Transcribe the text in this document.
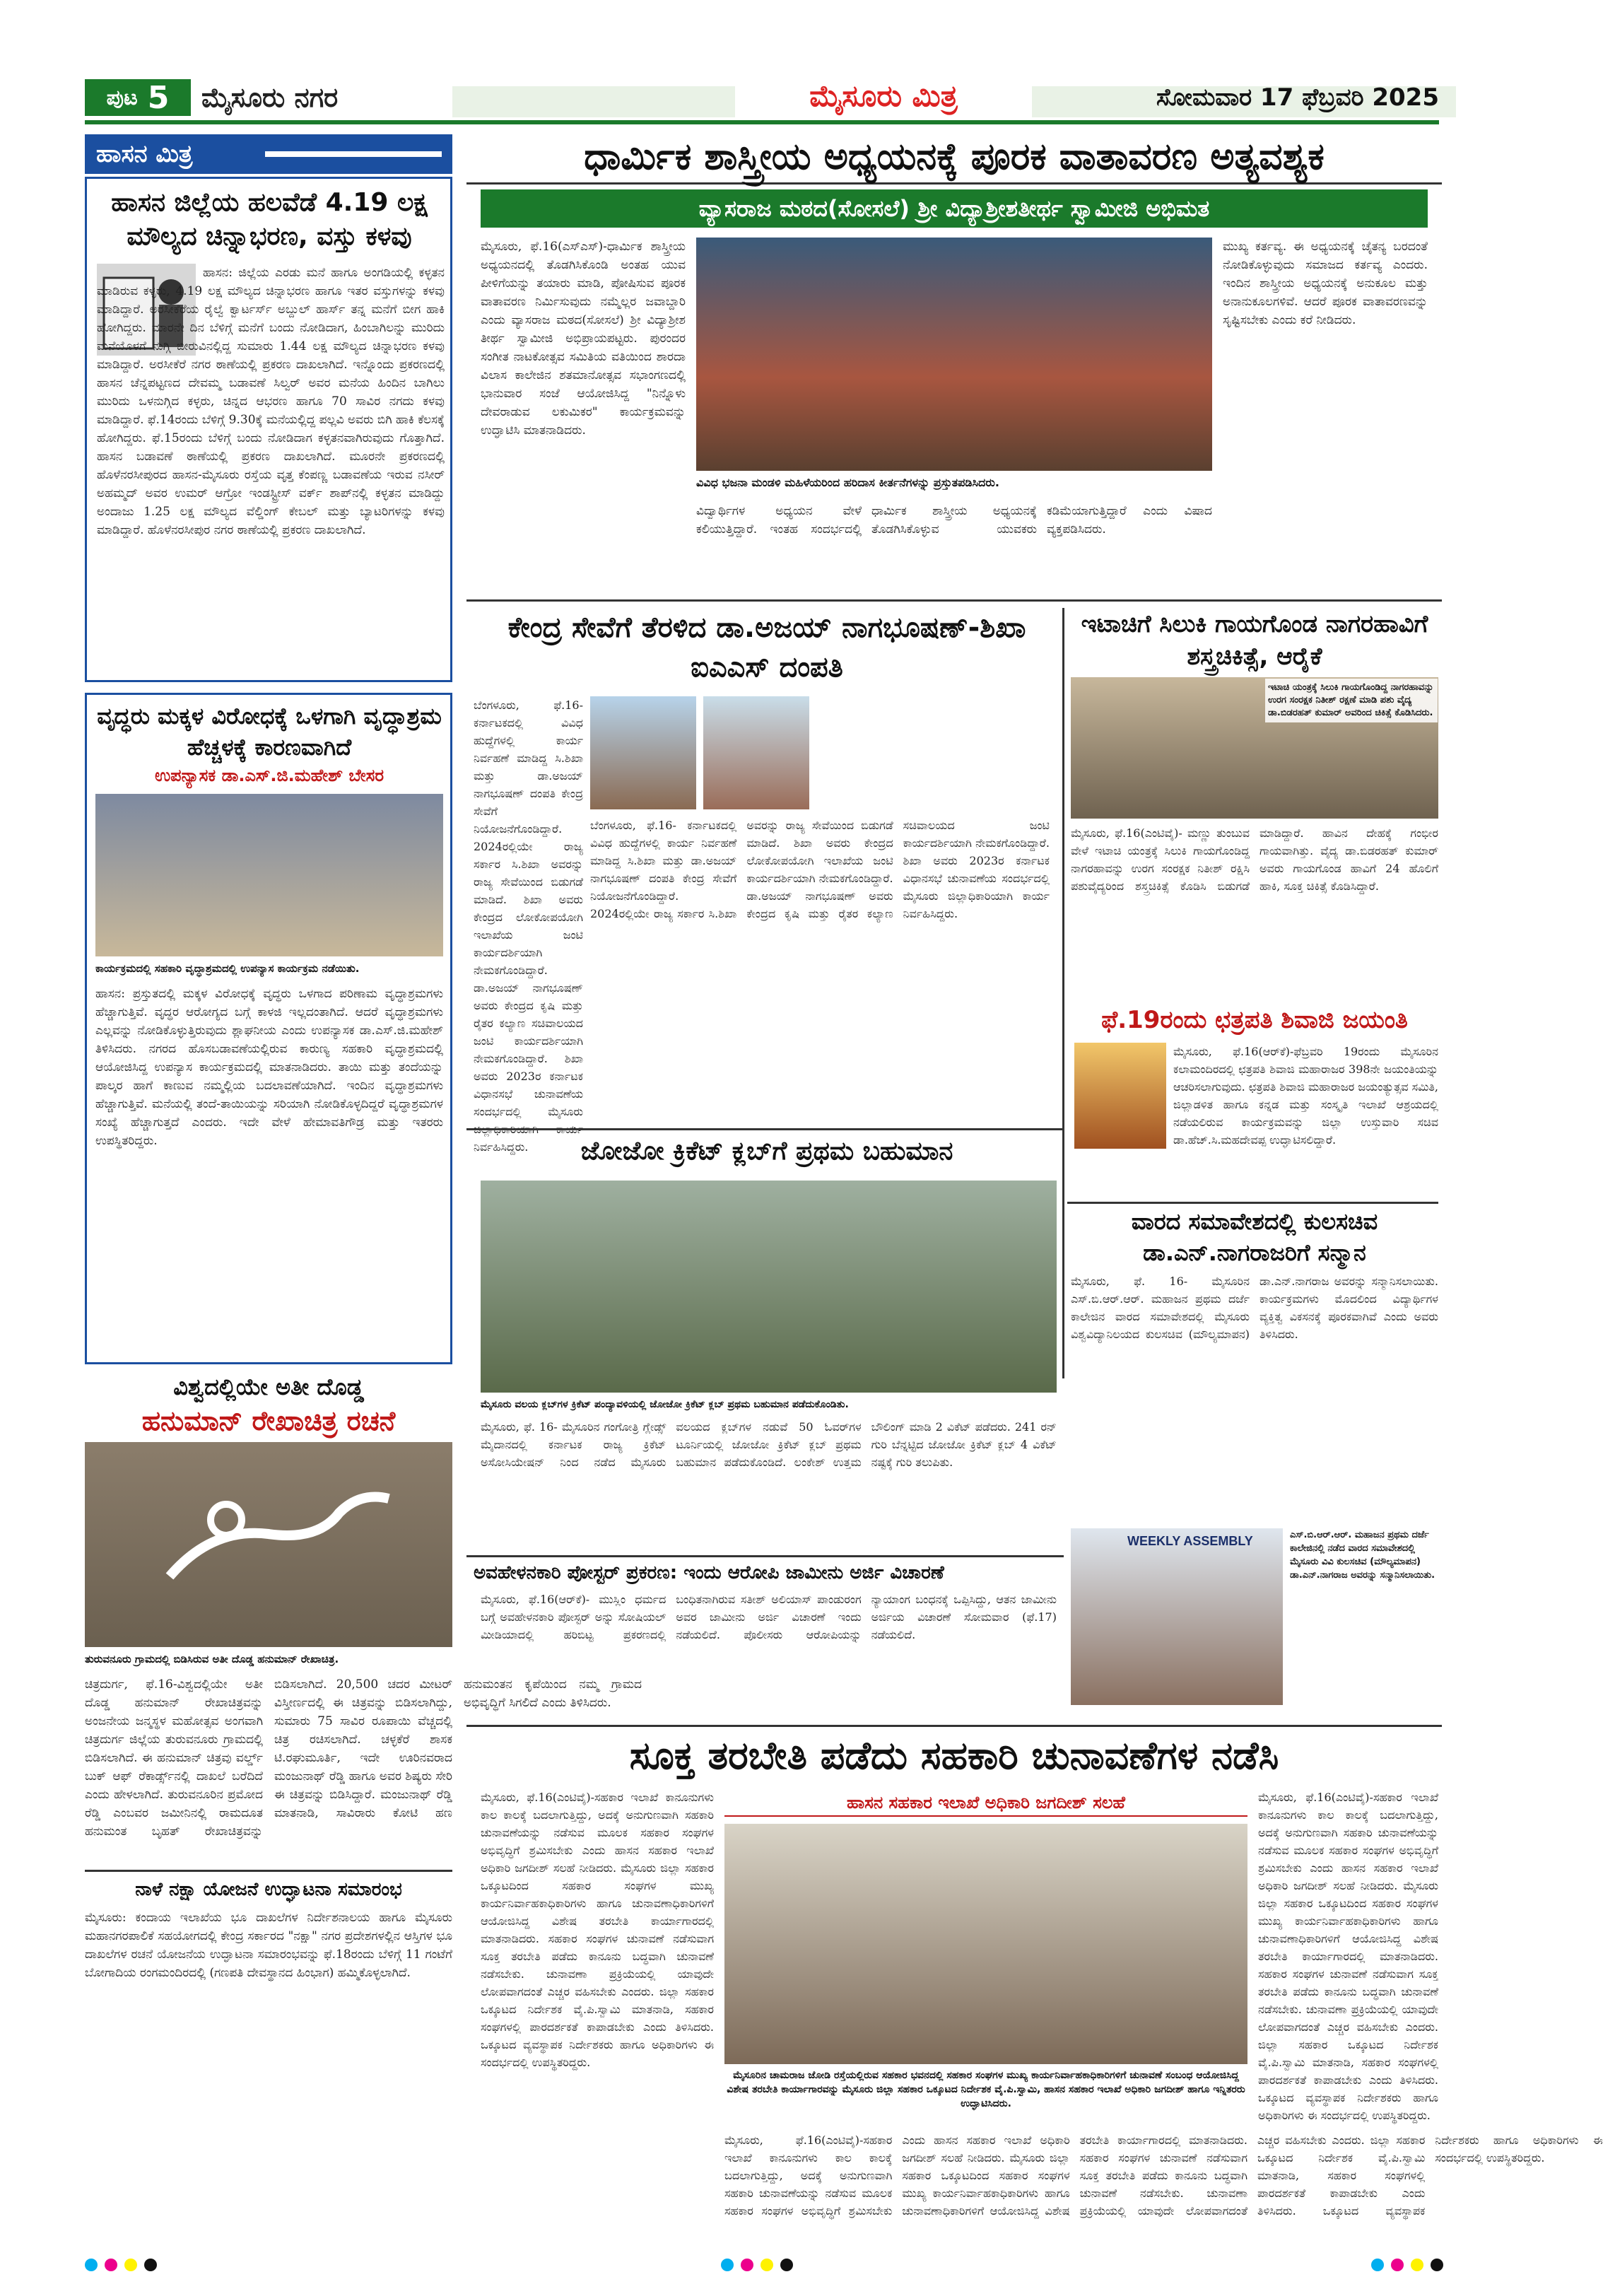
ಪುಟ 5 ಮೈಸೂರು ನಗರ	ಮೈಸೂರು ಮಿತ್ರ	ಸೋಮವಾರ 17 ಫೆಬ್ರವರಿ 2025
ಹಾಸನ ಮಿತ್ರ
ಹಾಸನ ಜಿಲ್ಲೆಯ ಹಲವೆಡೆ 4.19 ಲಕ್ಷ ಮೌಲ್ಯದ ಚಿನ್ನಾಭರಣ, ವಸ್ತು ಕಳವು
ಹಾಸನ: ಜಿಲ್ಲೆಯ ಎರಡು ಮನೆ ಹಾಗೂ ಅಂಗಡಿಯಲ್ಲಿ ಕಳ್ಳತನ ಮಾಡಿರುವ ಕಳ್ಳರು, 4.19 ಲಕ್ಷ ಮೌಲ್ಯದ ಚಿನ್ನಾಭರಣ ಹಾಗೂ ಇತರ ವಸ್ತುಗಳನ್ನು ಕಳವು ಮಾಡಿದ್ದಾರೆ. ಅರಸೀಕೆರೆಯ ರೈಲ್ವೆ ಕ್ವಾರ್ಟರ್ಸ್ ಅಬ್ದುಲ್ ಹಾರ್ಸ್ ತನ್ನ ಮನೆಗೆ ಬೀಗ ಹಾಕಿ ಹೋಗಿದ್ದರು. ಮಾರನೇ ದಿನ ಬೆಳಿಗ್ಗೆ ಮನೆಗೆ ಬಂದು ನೋಡಿದಾಗ, ಹಿಂಬಾಗಿಲನ್ನು ಮುರಿದು ಮನೆಯೊಳಗೆ ನುಗ್ಗಿ ಬೀರುವಿನಲ್ಲಿದ್ದ ಸುಮಾರು 1.44 ಲಕ್ಷ ಮೌಲ್ಯದ ಚಿನ್ನಾಭರಣ ಕಳವು ಮಾಡಿದ್ದಾರೆ. ಅರಸೀಕೆರೆ ನಗರ ಠಾಣೆಯಲ್ಲಿ ಪ್ರಕರಣ ದಾಖಲಾಗಿದೆ. ಇನ್ನೊಂದು ಪ್ರಕರಣದಲ್ಲಿ ಹಾಸನ ಚೆನ್ನಪಟ್ಟಣದ ದೇವಮ್ಮ ಬಡಾವಣೆ ಸಿಲ್ವರ್ ಅವರ ಮನೆಯ ಹಿಂದಿನ ಬಾಗಿಲು ಮುರಿದು ಒಳನುಗ್ಗಿದ ಕಳ್ಳರು, ಚಿನ್ನದ ಆಭರಣ ಹಾಗೂ 70 ಸಾವಿರ ನಗದು ಕಳವು ಮಾಡಿದ್ದಾರೆ. ಫೆ.14ರಂದು ಬೆಳಿಗ್ಗೆ 9.30ಕ್ಕೆ ಮನೆಯಲ್ಲಿದ್ದ ಪಲ್ಲವಿ ಅವರು ಬಿಗಿ ಹಾಕಿ ಕೆಲಸಕ್ಕೆ ಹೋಗಿದ್ದರು. ಫೆ.15ರಂದು ಬೆಳಿಗ್ಗೆ ಬಂದು ನೋಡಿದಾಗ ಕಳ್ಳತನವಾಗಿರುವುದು ಗೊತ್ತಾಗಿದೆ. ಹಾಸನ ಬಡಾವಣೆ ಠಾಣೆಯಲ್ಲಿ ಪ್ರಕರಣ ದಾಖಲಾಗಿದೆ. ಮೂರನೇ ಪ್ರಕರಣದಲ್ಲಿ ಹೊಳೆನರಸೀಪುರದ ಹಾಸನ-ಮೈಸೂರು ರಸ್ತೆಯ ವೃತ್ತ ಕೆಂಪಣ್ಣ ಬಡಾವಣೆಯ ಇರುವ ನಸೀರ್ ಅಹಮ್ಮದ್ ಅವರ ಉಮರ್ ಆಗ್ರೋ ಇಂಡಸ್ಟ್ರೀಸ್ ವರ್ಕ್ ಶಾಪ್‌ನಲ್ಲಿ ಕಳ್ಳತನ ಮಾಡಿದ್ದು ಅಂದಾಜು 1.25 ಲಕ್ಷ ಮೌಲ್ಯದ ವೆಲ್ಡಿಂಗ್ ಕೇಬಲ್ ಮತ್ತು ಬ್ಯಾಟರಿಗಳನ್ನು ಕಳವು ಮಾಡಿದ್ದಾರೆ. ಹೊಳೆನರಸೀಪುರ ನಗರ ಠಾಣೆಯಲ್ಲಿ ಪ್ರಕರಣ ದಾಖಲಾಗಿದೆ.
ವೃದ್ಧರು ಮಕ್ಕಳ ವಿರೋಧಕ್ಕೆ ಒಳಗಾಗಿ ವೃದ್ಧಾಶ್ರಮ ಹೆಚ್ಚಳಕ್ಕೆ ಕಾರಣವಾಗಿದೆ
ಉಪನ್ಯಾಸಕ ಡಾ.ಎಸ್.ಜಿ.ಮಹೇಶ್ ಬೇಸರ
ಕಾರ್ಯಕ್ರಮದಲ್ಲಿ ಸಹಕಾರಿ ವೃದ್ಧಾಶ್ರಮದಲ್ಲಿ ಉಪನ್ಯಾಸ ಕಾರ್ಯಕ್ರಮ ನಡೆಯಿತು.
ಹಾಸನ: ಪ್ರಸ್ತುತದಲ್ಲಿ ಮಕ್ಕಳ ವಿರೋಧಕ್ಕೆ ವೃದ್ಧರು ಒಳಗಾದ ಪರಿಣಾಮ ವೃದ್ಧಾಶ್ರಮಗಳು ಹೆಚ್ಚಾಗುತ್ತಿವೆ. ವೃದ್ಧರ ಆರೋಗ್ಯದ ಬಗ್ಗೆ ಕಾಳಜಿ ಇಲ್ಲದಂತಾಗಿದೆ. ಆದರೆ ವೃದ್ಧಾಶ್ರಮಗಳು ಎಲ್ಲವನ್ನು ನೋಡಿಕೊಳ್ಳುತ್ತಿರುವುದು ಶ್ಲಾಘನೀಯ ಎಂದು ಉಪನ್ಯಾಸಕ ಡಾ.ಎಸ್.ಜಿ.ಮಹೇಶ್ ತಿಳಿಸಿದರು. ನಗರದ ಹೊಸಬಡಾವಣೆಯಲ್ಲಿರುವ ಕಾರುಣ್ಯ ಸಹಕಾರಿ ವೃದ್ಧಾಶ್ರಮದಲ್ಲಿ ಆಯೋಜಿಸಿದ್ದ ಉಪನ್ಯಾಸ ಕಾರ್ಯಕ್ರಮದಲ್ಲಿ ಮಾತನಾಡಿದರು. ತಾಯಿ ಮತ್ತು ತಂದೆಯನ್ನು ಪಾಲ್ಕರ ಹಾಗೆ ಕಾಣುವ ನಮ್ಮಲ್ಲಿಯ ಬದಲಾವಣೆಯಾಗಿದೆ. ಇಂದಿನ ವೃದ್ಧಾಶ್ರಮಗಳು ಹೆಚ್ಚಾಗುತ್ತಿವೆ. ಮನೆಯಲ್ಲಿ ತಂದೆ-ತಾಯಿಯನ್ನು ಸರಿಯಾಗಿ ನೋಡಿಕೊಳ್ಳದಿದ್ದರೆ ವೃದ್ಧಾಶ್ರಮಗಳ ಸಂಖ್ಯೆ ಹೆಚ್ಚಾಗುತ್ತದೆ ಎಂದರು. ಇದೇ ವೇಳೆ ಹೇಮಾವತಿಗೌಡ್ರ ಮತ್ತು ಇತರರು ಉಪಸ್ಥಿತರಿದ್ದರು.
ವಿಶ್ವದಲ್ಲಿಯೇ ಅತೀ ದೊಡ್ಡ
ಹನುಮಾನ್ ರೇಖಾಚಿತ್ರ ರಚನೆ
ತುರುವನೂರು ಗ್ರಾಮದಲ್ಲಿ ಬಿಡಿಸಿರುವ ಅತೀ ದೊಡ್ಡ ಹನುಮಾನ್ ರೇಖಾಚಿತ್ರ.
ಚಿತ್ರದುರ್ಗ, ಫೆ.16-ವಿಶ್ವದಲ್ಲಿಯೇ ಅತೀ ದೊಡ್ಡ ಹನುಮಾನ್ ರೇಖಾಚಿತ್ರವನ್ನು ಅಂಜನೇಯ ಜನ್ಮಸ್ಥಳ ಮಹೋತ್ಸವ ಅಂಗವಾಗಿ ಚಿತ್ರದುರ್ಗ ಜಿಲ್ಲೆಯ ತುರುವನೂರು ಗ್ರಾಮದಲ್ಲಿ ಬಿಡಿಸಲಾಗಿದೆ. ಈ ಹನುಮಾನ್ ಚಿತ್ರವು ವರ್ಲ್ಡ್ ಬುಕ್ ಆಫ್ ರೆಕಾರ್ಡ್ಸ್‌ನಲ್ಲಿ ದಾಖಲೆ ಬರೆದಿದೆ ಎಂದು ಹೇಳಲಾಗಿದೆ. ತುರುವನೂರಿನ ಪ್ರಮೋದ ರೆಡ್ಡಿ ಎಂಬವರ ಜಮೀನಿನಲ್ಲಿ ರಾಮದೂತ ಹನುಮಂತ ಬೃಹತ್ ರೇಖಾಚಿತ್ರವನ್ನು ಬಿಡಿಸಲಾಗಿದೆ. 20,500 ಚದರ ಮೀಟರ್ ವಿಸ್ತೀರ್ಣದಲ್ಲಿ ಈ ಚಿತ್ರವನ್ನು ಬಿಡಿಸಲಾಗಿದ್ದು, ಸುಮಾರು 75 ಸಾವಿರ ರೂಪಾಯಿ ವೆಚ್ಚದಲ್ಲಿ ಚಿತ್ರ ರಚಿಸಲಾಗಿದೆ. ಚಳ್ಳಕೆರೆ ಶಾಸಕ ಟಿ.ರಘುಮೂರ್ತಿ, ಇದೇ ಊರಿನವರಾದ ಮಂಜುನಾಥ್ ರೆಡ್ಡಿ ಹಾಗೂ ಅವರ ಶಿಷ್ಯರು ಸೇರಿ ಈ ಚಿತ್ರವನ್ನು ಬಿಡಿಸಿದ್ದಾರೆ. ಮಂಜುನಾಥ್ ರೆಡ್ಡಿ ಮಾತನಾಡಿ, ಸಾವಿರಾರು ಕೋಟಿ ಹಣ ಹನುಮಂತನ ಕೃಪೆಯಿಂದ ನಮ್ಮ ಗ್ರಾಮದ ಅಭಿವೃದ್ಧಿಗೆ ಸಿಗಲಿದೆ ಎಂದು ತಿಳಿಸಿದರು.
ನಾಳೆ ನಕ್ಷಾ ಯೋಜನೆ ಉದ್ಘಾಟನಾ ಸಮಾರಂಭ
ಮೈಸೂರು: ಕಂದಾಯ ಇಲಾಖೆಯ ಭೂ ದಾಖಲೆಗಳ ನಿರ್ದೇಶನಾಲಯ ಹಾಗೂ ಮೈಸೂರು ಮಹಾನಗರಪಾಲಿಕೆ ಸಹಯೋಗದಲ್ಲಿ ಕೇಂದ್ರ ಸರ್ಕಾರದ "ನಕ್ಷಾ" ನಗರ ಪ್ರದೇಶಗಳಲ್ಲಿನ ಆಸ್ತಿಗಳ ಭೂ ದಾಖಲೆಗಳ ರಚನೆ ಯೋಜನೆಯ ಉದ್ಘಾಟನಾ ಸಮಾರಂಭವನ್ನು ಫೆ.18ರಂದು ಬೆಳಿಗ್ಗೆ 11 ಗಂಟೆಗೆ ಬೋಗಾದಿಯ ರಂಗಮಂದಿರದಲ್ಲಿ (ಗಣಪತಿ ದೇವಸ್ಥಾನದ ಹಿಂಭಾಗ) ಹಮ್ಮಿಕೊಳ್ಳಲಾಗಿದೆ.
ಧಾರ್ಮಿಕ ಶಾಸ್ತ್ರೀಯ ಅಧ್ಯಯನಕ್ಕೆ ಪೂರಕ ವಾತಾವರಣ ಅತ್ಯವಶ್ಯಕ
ವ್ಯಾಸರಾಜ ಮಠದ(ಸೋಸಲೆ) ಶ್ರೀ ವಿದ್ಯಾಶ್ರೀಶತೀರ್ಥ ಸ್ವಾಮೀಜಿ ಅಭಿಮತ
ಮೈಸೂರು, ಫೆ.16(ಎಸ್‌ಎಸ್)-ಧಾರ್ಮಿಕ ಶಾಸ್ತ್ರೀಯ ಅಧ್ಯಯನದಲ್ಲಿ ತೊಡಗಿಸಿಕೊಂಡಿ ಅಂತಹ ಯುವ ಪೀಳಿಗೆಯನ್ನು ತಯಾರು ಮಾಡಿ, ಪೋಷಿಸುವ ಪೂರಕ ವಾತಾವರಣ ನಿರ್ಮಿಸುವುದು ನಮ್ಮೆಲ್ಲರ ಜವಾಬ್ದಾರಿ ಎಂದು ವ್ಯಾಸರಾಜ ಮಠದ(ಸೋಸಲೆ) ಶ್ರೀ ವಿದ್ಯಾಶ್ರೀಶ ತೀರ್ಥ ಸ್ವಾಮೀಜಿ ಅಭಿಪ್ರಾಯಪಟ್ಟರು. ಪುರಂದರ ಸಂಗೀತ ನಾಟಕೋತ್ಸವ ಸಮಿತಿಯ ವತಿಯಿಂದ ಶಾರದಾ ವಿಲಾಸ ಕಾಲೇಜಿನ ಶತಮಾನೋತ್ಸವ ಸಭಾಂಗಣದಲ್ಲಿ ಭಾನುವಾರ ಸಂಜೆ ಆಯೋಜಿಸಿದ್ದ "ನಿನ್ನೊಳು ದೇವರಾಡುವ ಲಕುಮಿಕರ" ಕಾರ್ಯಕ್ರಮವನ್ನು ಉದ್ಘಾಟಿಸಿ ಮಾತನಾಡಿದರು.
ವಿವಿಧ ಭಜನಾ ಮಂಡಳಿ ಮಹಿಳೆಯರಿಂದ ಹರಿದಾಸ ಕೀರ್ತನೆಗಳನ್ನು ಪ್ರಸ್ತುತಪಡಿಸಿದರು.
ವಿದ್ವಾರ್ಥಿಗಳ ಅಧ್ಯಯನ ವೇಳೆ ಕಲಿಯುತ್ತಿದ್ದಾರೆ. ಇಂತಹ ಸಂದರ್ಭದಲ್ಲಿ ಧಾರ್ಮಿಕ ಶಾಸ್ತ್ರೀಯ ಅಧ್ಯಯನಕ್ಕೆ ತೊಡಗಿಸಿಕೊಳ್ಳುವ ಯುವಕರು ಕಡಿಮೆಯಾಗುತ್ತಿದ್ದಾರೆ ಎಂದು ವಿಷಾದ ವ್ಯಕ್ತಪಡಿಸಿದರು.
ಮುಖ್ಯ ಕರ್ತವ್ಯ. ಈ ಅಧ್ಯಯನಕ್ಕೆ ಚೈತನ್ಯ ಬರದಂತೆ ನೋಡಿಕೊಳ್ಳುವುದು ಸಮಾಜದ ಕರ್ತವ್ಯ ಎಂದರು. ಇಂದಿನ ಶಾಸ್ತ್ರೀಯ ಅಧ್ಯಯನಕ್ಕೆ ಅನುಕೂಲ ಮತ್ತು ಅನಾನುಕೂಲಗಳಿವೆ. ಆದರೆ ಪೂರಕ ವಾತಾವರಣವನ್ನು ಸೃಷ್ಟಿಸಬೇಕು ಎಂದು ಕರೆ ನೀಡಿದರು.
ಕೇಂದ್ರ ಸೇವೆಗೆ ತೆರಳಿದ ಡಾ.ಅಜಯ್ ನಾಗಭೂಷಣ್-ಶಿಖಾ ಐಎಎಸ್ ದಂಪತಿ
ಬೆಂಗಳೂರು, ಫೆ.16- ಕರ್ನಾಟಕದಲ್ಲಿ ವಿವಿಧ ಹುದ್ದೆಗಳಲ್ಲಿ ಕಾರ್ಯ ನಿರ್ವಹಣೆ ಮಾಡಿದ್ದ ಸಿ.ಶಿಖಾ ಮತ್ತು ಡಾ.ಅಜಯ್ ನಾಗಭೂಷಣ್ ದಂಪತಿ ಕೇಂದ್ರ ಸೇವೆಗೆ ನಿಯೋಜನೆಗೊಂಡಿದ್ದಾರೆ. 2024ರಲ್ಲಿಯೇ ರಾಜ್ಯ ಸರ್ಕಾರ ಸಿ.ಶಿಖಾ ಅವರನ್ನು ರಾಜ್ಯ ಸೇವೆಯಿಂದ ಬಿಡುಗಡೆ ಮಾಡಿದೆ. ಶಿಖಾ ಅವರು ಕೇಂದ್ರದ ಲೋಕೋಪಯೋಗಿ ಇಲಾಖೆಯ ಜಂಟಿ ಕಾರ್ಯದರ್ಶಿಯಾಗಿ ನೇಮಕಗೊಂಡಿದ್ದಾರೆ. ಡಾ.ಅಜಯ್ ನಾಗಭೂಷಣ್ ಅವರು ಕೇಂದ್ರದ ಕೃಷಿ ಮತ್ತು ರೈತರ ಕಲ್ಯಾಣ ಸಚಿವಾಲಯದ ಜಂಟಿ ಕಾರ್ಯದರ್ಶಿಯಾಗಿ ನೇಮಕಗೊಂಡಿದ್ದಾರೆ. ಶಿಖಾ ಅವರು 2023ರ ಕರ್ನಾಟಕ ವಿಧಾನಸಭೆ ಚುನಾವಣೆಯ ಸಂದರ್ಭದಲ್ಲಿ ಮೈಸೂರು ನಿರ್ವಹಿಸಿದ್ದರು.
ಬೆಂಗಳೂರು, ಫೆ.16- ಕರ್ನಾಟಕದಲ್ಲಿ ವಿವಿಧ ಹುದ್ದೆಗಳಲ್ಲಿ ಕಾರ್ಯ ನಿರ್ವಹಣೆ ಮಾಡಿದ್ದ ಸಿ.ಶಿಖಾ ಮತ್ತು ಡಾ.ಅಜಯ್ ನಾಗಭೂಷಣ್ ದಂಪತಿ ಕೇಂದ್ರ ಸೇವೆಗೆ ನಿಯೋಜನೆಗೊಂಡಿದ್ದಾರೆ. 2024ರಲ್ಲಿಯೇ ರಾಜ್ಯ ಸರ್ಕಾರ ಸಿ.ಶಿಖಾ ಅವರನ್ನು ರಾಜ್ಯ ಸೇವೆಯಿಂದ ಬಿಡುಗಡೆ ಮಾಡಿದೆ. ಶಿಖಾ ಅವರು ಕೇಂದ್ರದ ಲೋಕೋಪಯೋಗಿ ಇಲಾಖೆಯ ಜಂಟಿ ಕಾರ್ಯದರ್ಶಿಯಾಗಿ ನೇಮಕಗೊಂಡಿದ್ದಾರೆ. ಡಾ.ಅಜಯ್ ನಾಗಭೂಷಣ್ ಅವರು ಕೇಂದ್ರದ ಕೃಷಿ ಮತ್ತು ರೈತರ ಕಲ್ಯಾಣ ಸಚಿವಾಲಯದ ಜಂಟಿ ಕಾರ್ಯದರ್ಶಿಯಾಗಿ ನೇಮಕಗೊಂಡಿದ್ದಾರೆ. ಶಿಖಾ ಅವರು 2023ರ ಕರ್ನಾಟಕ ವಿಧಾನಸಭೆ ಚುನಾವಣೆಯ ಸಂದರ್ಭದಲ್ಲಿ ಮೈಸೂರು ಜಿಲ್ಲಾಧಿಕಾರಿಯಾಗಿ ಕಾರ್ಯ ನಿರ್ವಹಿಸಿದ್ದರು.
ಇಟಾಚಿಗೆ ಸಿಲುಕಿ ಗಾಯಗೊಂಡ ನಾಗರಹಾವಿಗೆ ಶಸ್ತ್ರಚಿಕಿತ್ಸೆ, ಆರೈಕೆ
ಇಟಾಚಿ ಯಂತ್ರಕ್ಕೆ ಸಿಲುಕಿ ಗಾಯಗೊಂಡಿದ್ದ ನಾಗರಹಾವನ್ನು ಉರಗ ಸಂರಕ್ಷಕ ನಿತೀಶ್ ರಕ್ಷಣೆ ಮಾಡಿ ಪಶು ವೈದ್ಯ ಡಾ.ಬಿಡರಹತ್ ಕುಮಾರ್ ಅವರಿಂದ ಚಿಕಿತ್ಸೆ ಕೊಡಿಸಿದರು.
ಮೈಸೂರು, ಫೆ.16(ಎಂಟಿವೈ)- ಮಣ್ಣು ತುಂಬುವ ವೇಳೆ ಇಟಾಚಿ ಯಂತ್ರಕ್ಕೆ ಸಿಲುಕಿ ಗಾಯಗೊಂಡಿದ್ದ ನಾಗರಹಾವನ್ನು ಉರಗ ಸಂರಕ್ಷಕ ನಿತೀಶ್ ರಕ್ಷಿಸಿ ಪಶುವೈದ್ಯರಿಂದ ಶಸ್ತ್ರಚಿಕಿತ್ಸೆ ಕೊಡಿಸಿ ಬಿಡುಗಡೆ ಮಾಡಿದ್ದಾರೆ. ಹಾವಿನ ದೇಹಕ್ಕೆ ಗಂಭೀರ ಗಾಯವಾಗಿತ್ತು. ವೈದ್ಯ ಡಾ.ಬಿಡರಹತ್ ಕುಮಾರ್ ಅವರು ಗಾಯಗೊಂಡ ಹಾವಿಗೆ 24 ಹೊಲಿಗೆ ಹಾಕಿ, ಸೂಕ್ತ ಚಿಕಿತ್ಸೆ ಕೊಡಿಸಿದ್ದಾರೆ.
ಫೆ.19ರಂದು ಛತ್ರಪತಿ ಶಿವಾಜಿ ಜಯಂತಿ
ಮೈಸೂರು, ಫೆ.16(ಆರ್‌ಕೆ)-ಫೆಬ್ರವರಿ 19ರಂದು ಮೈಸೂರಿನ ಕಲಾಮಂದಿರದಲ್ಲಿ ಛತ್ರಪತಿ ಶಿವಾಜಿ ಮಹಾರಾಜರ 398ನೇ ಜಯಂತಿಯನ್ನು ಆಚರಿಸಲಾಗುವುದು. ಛತ್ರಪತಿ ಶಿವಾಜಿ ಮಹಾರಾಜರ ಜಯಂತ್ಯುತ್ಸವ ಸಮಿತಿ, ಜಿಲ್ಲಾಡಳಿತ ಹಾಗೂ ಕನ್ನಡ ಮತ್ತು ಸಂಸ್ಕೃತಿ ಇಲಾಖೆ ಆಶ್ರಯದಲ್ಲಿ ನಡೆಯಲಿರುವ ಕಾರ್ಯಕ್ರಮವನ್ನು ಜಿಲ್ಲಾ ಉಸ್ತುವಾರಿ ಸಚಿವ ಡಾ.ಹೆಚ್.ಸಿ.ಮಹದೇವಪ್ಪ ಉದ್ಘಾಟಿಸಲಿದ್ದಾರೆ.
ಜೋಜೋ ಕ್ರಿಕೆಟ್ ಕ್ಲಬ್‌ಗೆ ಪ್ರಥಮ ಬಹುಮಾನ
ಮೈಸೂರು ವಲಯ ಕ್ಲಬ್‌ಗಳ ಕ್ರಿಕೆಟ್ ಪಂದ್ಯಾವಳಿಯಲ್ಲಿ ಜೋಜೋ ಕ್ರಿಕೆಟ್ ಕ್ಲಬ್ ಪ್ರಥಮ ಬಹುಮಾನ ಪಡೆದುಕೊಂಡಿತು.
ಮೈಸೂರು, ಫೆ. 16- ಮೈಸೂರಿನ ಗಂಗೋತ್ರಿ ಗ್ಲೇಡ್ಸ್ ಮೈದಾನದಲ್ಲಿ ಕರ್ನಾಟಕ ರಾಜ್ಯ ಕ್ರಿಕೆಟ್ ಅಸೋಸಿಯೇಷನ್ ನಿಂದ ನಡೆದ ಮೈಸೂರು ವಲಯದ ಕ್ಲಬ್‌ಗಳ ನಡುವೆ 50 ಓವರ್‌ಗಳ ಟೂರ್ನಿಯಲ್ಲಿ ಜೋಜೋ ಕ್ರಿಕೆಟ್ ಕ್ಲಬ್ ಪ್ರಥಮ ಬಹುಮಾನ ಪಡೆದುಕೊಂಡಿದೆ. ಲಂಕೇಶ್ ಉತ್ತಮ ಬೌಲಿಂಗ್ ಮಾಡಿ 2 ವಿಕೆಟ್ ಪಡೆದರು. 241 ರನ್ ಗುರಿ ಬೆನ್ನಟ್ಟಿದ ಜೋಜೋ ಕ್ರಿಕೆಟ್ ಕ್ಲಬ್ 4 ವಿಕೆಟ್ ನಷ್ಟಕ್ಕೆ ಗುರಿ ತಲುಪಿತು.
ವಾರದ ಸಮಾವೇಶದಲ್ಲಿ ಕುಲಸಚಿವ ಡಾ.ಎನ್.ನಾಗರಾಜರಿಗೆ ಸನ್ಮಾನ
ಮೈಸೂರು, ಫೆ. 16- ಮೈಸೂರಿನ ಎಸ್.ಬಿ.ಆರ್.ಆರ್. ಮಹಾಜನ ಪ್ರಥಮ ದರ್ಜೆ ಕಾಲೇಜಿನ ವಾರದ ಸಮಾವೇಶದಲ್ಲಿ ಮೈಸೂರು ವಿಶ್ವವಿದ್ಯಾನಿಲಯದ ಕುಲಸಚಿವ (ಮೌಲ್ಯಮಾಪನ) ಡಾ.ಎನ್.ನಾಗರಾಜ ಅವರನ್ನು ಸನ್ಮಾನಿಸಲಾಯಿತು. ಕಾರ್ಯಕ್ರಮಗಳು ಮೊದಲಿಂದ ವಿದ್ಯಾರ್ಥಿಗಳ ವ್ಯಕ್ತಿತ್ವ ವಿಕಸನಕ್ಕೆ ಪೂರಕವಾಗಿವೆ ಎಂದು ಅವರು ತಿಳಿಸಿದರು.
WEEKLY ASSEMBLY	ಎಸ್.ಬಿ.ಆರ್.ಆರ್. ಮಹಾಜನ ಪ್ರಥಮ ದರ್ಜೆ ಕಾಲೇಜಿನಲ್ಲಿ ನಡೆದ ವಾರದ ಸಮಾವೇಶದಲ್ಲಿ ಮೈಸೂರು ವಿವಿ ಕುಲಸಚಿವ (ಮೌಲ್ಯಮಾಪನ) ಡಾ.ಎನ್.ನಾಗರಾಜ ಅವರನ್ನು ಸನ್ಮಾನಿಸಲಾಯಿತು.
ಅವಹೇಳನಕಾರಿ ಪೋಸ್ಟರ್ ಪ್ರಕರಣ: ಇಂದು ಆರೋಪಿ ಜಾಮೀನು ಅರ್ಜಿ ವಿಚಾರಣೆ
ಮೈಸೂರು, ಫೆ.16(ಆರ್‌ಕೆ)- ಮುಸ್ಲಿಂ ಧರ್ಮದ ಬಗ್ಗೆ ಅವಹೇಳನಕಾರಿ ಪೋಸ್ಟರ್ ಅನ್ನು ಸೋಷಿಯಲ್ ಮೀಡಿಯಾದಲ್ಲಿ ಹರಿಬಿಟ್ಟ ಪ್ರಕರಣದಲ್ಲಿ ಬಂಧಿತನಾಗಿರುವ ಸತೀಶ್ ಅಲಿಯಾಸ್ ಪಾಂಡುರಂಗ ಅವರ ಜಾಮೀನು ಅರ್ಜಿ ವಿಚಾರಣೆ ಇಂದು ನಡೆಯಲಿದೆ. ಪೊಲೀಸರು ಆರೋಪಿಯನ್ನು ನ್ಯಾಯಾಂಗ ಬಂಧನಕ್ಕೆ ಒಪ್ಪಿಸಿದ್ದು, ಆತನ ಜಾಮೀನು ಅರ್ಜಿಯ ವಿಚಾರಣೆ ಸೋಮವಾರ (ಫೆ.17) ನಡೆಯಲಿದೆ.
ಸೂಕ್ತ ತರಬೇತಿ ಪಡೆದು ಸಹಕಾರಿ ಚುನಾವಣೆಗಳ ನಡೆಸಿ
ಮೈಸೂರು, ಫೆ.16(ಎಂಟಿವೈ)-ಸಹಕಾರ ಇಲಾಖೆ ಕಾನೂನುಗಳು ಕಾಲ ಕಾಲಕ್ಕೆ ಬದಲಾಗುತ್ತಿದ್ದು, ಅದಕ್ಕೆ ಅನುಗುಣವಾಗಿ ಸಹಕಾರಿ ಚುನಾವಣೆಯನ್ನು ನಡೆಸುವ ಮೂಲಕ ಸಹಕಾರ ಸಂಘಗಳ ಅಭಿವೃದ್ಧಿಗೆ ಶ್ರಮಿಸಬೇಕು ಎಂದು ಹಾಸನ ಸಹಕಾರ ಇಲಾಖೆ ಅಧಿಕಾರಿ ಜಗದೀಶ್ ಸಲಹೆ ನೀಡಿದರು. ಮೈಸೂರು ಜಿಲ್ಲಾ ಸಹಕಾರ ಒಕ್ಕೂಟದಿಂದ ಸಹಕಾರ ಸಂಘಗಳ ಮುಖ್ಯ ಕಾರ್ಯನಿರ್ವಾಹಕಾಧಿಕಾರಿಗಳು ಹಾಗೂ ಚುನಾವಣಾಧಿಕಾರಿಗಳಿಗೆ ಆಯೋಜಿಸಿದ್ದ ವಿಶೇಷ ತರಬೇತಿ ಕಾರ್ಯಾಗಾರದಲ್ಲಿ ಮಾತನಾಡಿದರು. ಸಹಕಾರ ಸಂಘಗಳ ಚುನಾವಣೆ ನಡೆಸುವಾಗ ಸೂಕ್ತ ತರಬೇತಿ ಪಡೆದು ಕಾನೂನು ಬದ್ಧವಾಗಿ ಚುನಾವಣೆ ನಡೆಸಬೇಕು. ಚುನಾವಣಾ ಪ್ರಕ್ರಿಯೆಯಲ್ಲಿ ಯಾವುದೇ ಲೋಪವಾಗದಂತೆ ಎಚ್ಚರ ವಹಿಸಬೇಕು ಎಂದರು. ಜಿಲ್ಲಾ ಸಹಕಾರ ಒಕ್ಕೂಟದ ನಿರ್ದೇಶಕ ವೈ.ಪಿ.ಸ್ವಾಮಿ ಮಾತನಾಡಿ, ಸಹಕಾರ ಸಂಘಗಳಲ್ಲಿ ಪಾರದರ್ಶಕತೆ ಕಾಪಾಡಬೇಕು ಎಂದು ತಿಳಿಸಿದರು. ಒಕ್ಕೂಟದ ವ್ಯವಸ್ಥಾಪಕ ನಿರ್ದೇಶಕರು ಹಾಗೂ ಅಧಿಕಾರಿಗಳು ಈ ಸಂದರ್ಭದಲ್ಲಿ ಉಪಸ್ಥಿತರಿದ್ದರು.
ಹಾಸನ ಸಹಕಾರ ಇಲಾಖೆ ಅಧಿಕಾರಿ ಜಗದೀಶ್ ಸಲಹೆ
ಮೈಸೂರಿನ ಚಾಮರಾಜ ಜೋಡಿ ರಸ್ತೆಯಲ್ಲಿರುವ ಸಹಕಾರ ಭವನದಲ್ಲಿ ಸಹಕಾರ ಸಂಘಗಳ ಮುಖ್ಯ ಕಾರ್ಯನಿರ್ವಾಹಕಾಧಿಕಾರಿಗಳಿಗೆ ಚುನಾವಣೆ ಸಂಬಂಧ ಆಯೋಜಿಸಿದ್ದ ವಿಶೇಷ ತರಬೇತಿ ಕಾರ್ಯಾಗಾರವನ್ನು ಮೈಸೂರು ಜಿಲ್ಲಾ ಸಹಕಾರ ಒಕ್ಕೂಟದ ನಿರ್ದೇಶಕ ವೈ.ಪಿ.ಸ್ವಾಮಿ, ಹಾಸನ ಸಹಕಾರ ಇಲಾಖೆ ಅಧಿಕಾರಿ ಜಗದೀಶ್ ಹಾಗೂ ಇನ್ನಿತರರು ಉದ್ಘಾಟಿಸಿದರು.
ಮೈಸೂರು, ಫೆ.16(ಎಂಟಿವೈ)-ಸಹಕಾರ ಇಲಾಖೆ ಕಾನೂನುಗಳು ಕಾಲ ಕಾಲಕ್ಕೆ ಬದಲಾಗುತ್ತಿದ್ದು, ಅದಕ್ಕೆ ಅನುಗುಣವಾಗಿ ಸಹಕಾರಿ ಚುನಾವಣೆಯನ್ನು ನಡೆಸುವ ಮೂಲಕ ಸಹಕಾರ ಸಂಘಗಳ ಅಭಿವೃದ್ಧಿಗೆ ಶ್ರಮಿಸಬೇಕು ಎಂದು ಹಾಸನ ಸಹಕಾರ ಇಲಾಖೆ ಅಧಿಕಾರಿ ಜಗದೀಶ್ ಸಲಹೆ ನೀಡಿದರು. ಮೈಸೂರು ಜಿಲ್ಲಾ ಸಹಕಾರ ಒಕ್ಕೂಟದಿಂದ ಸಹಕಾರ ಸಂಘಗಳ ಮುಖ್ಯ ಕಾರ್ಯನಿರ್ವಾಹಕಾಧಿಕಾರಿಗಳು ಹಾಗೂ ಚುನಾವಣಾಧಿಕಾರಿಗಳಿಗೆ ಆಯೋಜಿಸಿದ್ದ ವಿಶೇಷ ತರಬೇತಿ ಕಾರ್ಯಾಗಾರದಲ್ಲಿ ಮಾತನಾಡಿದರು. ಸಹಕಾರ ಸಂಘಗಳ ಚುನಾವಣೆ ನಡೆಸುವಾಗ ಸೂಕ್ತ ತರಬೇತಿ ಪಡೆದು ಕಾನೂನು ಬದ್ಧವಾಗಿ ಚುನಾವಣೆ ನಡೆಸಬೇಕು. ಚುನಾವಣಾ ಪ್ರಕ್ರಿಯೆಯಲ್ಲಿ ಯಾವುದೇ ಲೋಪವಾಗದಂತೆ ಎಚ್ಚರ ವಹಿಸಬೇಕು ಎಂದರು. ಜಿಲ್ಲಾ ಸಹಕಾರ ಒಕ್ಕೂಟದ ನಿರ್ದೇಶಕ ವೈ.ಪಿ.ಸ್ವಾಮಿ ಮಾತನಾಡಿ, ಸಹಕಾರ ಸಂಘಗಳಲ್ಲಿ ಪಾರದರ್ಶಕತೆ ಕಾಪಾಡಬೇಕು ಎಂದು ತಿಳಿಸಿದರು. ಒಕ್ಕೂಟದ ವ್ಯವಸ್ಥಾಪಕ ನಿರ್ದೇಶಕರು ಹಾಗೂ ಅಧಿಕಾರಿಗಳು ಈ ಸಂದರ್ಭದಲ್ಲಿ ಉಪಸ್ಥಿತರಿದ್ದರು.
ಮೈಸೂರು, ಫೆ.16(ಎಂಟಿವೈ)-ಸಹಕಾರ ಇಲಾಖೆ ಕಾನೂನುಗಳು ಕಾಲ ಕಾಲಕ್ಕೆ ಬದಲಾಗುತ್ತಿದ್ದು, ಅದಕ್ಕೆ ಅನುಗುಣವಾಗಿ ಸಹಕಾರಿ ಚುನಾವಣೆಯನ್ನು ನಡೆಸುವ ಮೂಲಕ ಸಹಕಾರ ಸಂಘಗಳ ಅಭಿವೃದ್ಧಿಗೆ ಶ್ರಮಿಸಬೇಕು ಎಂದು ಹಾಸನ ಸಹಕಾರ ಇಲಾಖೆ ಅಧಿಕಾರಿ ಜಗದೀಶ್ ಸಲಹೆ ನೀಡಿದರು. ಮೈಸೂರು ಜಿಲ್ಲಾ ಸಹಕಾರ ಒಕ್ಕೂಟದಿಂದ ಸಹಕಾರ ಸಂಘಗಳ ಮುಖ್ಯ ಕಾರ್ಯನಿರ್ವಾಹಕಾಧಿಕಾರಿಗಳು ಹಾಗೂ ಚುನಾವಣಾಧಿಕಾರಿಗಳಿಗೆ ಆಯೋಜಿಸಿದ್ದ ವಿಶೇಷ ತರಬೇತಿ ಕಾರ್ಯಾಗಾರದಲ್ಲಿ ಮಾತನಾಡಿದರು. ಸಹಕಾರ ಸಂಘಗಳ ಚುನಾವಣೆ ನಡೆಸುವಾಗ ಸೂಕ್ತ ತರಬೇತಿ ಪಡೆದು ಕಾನೂನು ಬದ್ಧವಾಗಿ ಚುನಾವಣೆ ನಡೆಸಬೇಕು. ಚುನಾವಣಾ ಪ್ರಕ್ರಿಯೆಯಲ್ಲಿ ಯಾವುದೇ ಲೋಪವಾಗದಂತೆ ಎಚ್ಚರ ವಹಿಸಬೇಕು ಎಂದರು. ಜಿಲ್ಲಾ ಸಹಕಾರ ಒಕ್ಕೂಟದ ನಿರ್ದೇಶಕ ವೈ.ಪಿ.ಸ್ವಾಮಿ ಮಾತನಾಡಿ, ಸಹಕಾರ ಸಂಘಗಳಲ್ಲಿ ಪಾರದರ್ಶಕತೆ ಕಾಪಾಡಬೇಕು ಎಂದು ತಿಳಿಸಿದರು. ಒಕ್ಕೂಟದ ವ್ಯವಸ್ಥಾಪಕ ನಿರ್ದೇಶಕರು ಹಾಗೂ ಅಧಿಕಾರಿಗಳು ಈ ಸಂದರ್ಭದಲ್ಲಿ ಉಪಸ್ಥಿತರಿದ್ದರು.
